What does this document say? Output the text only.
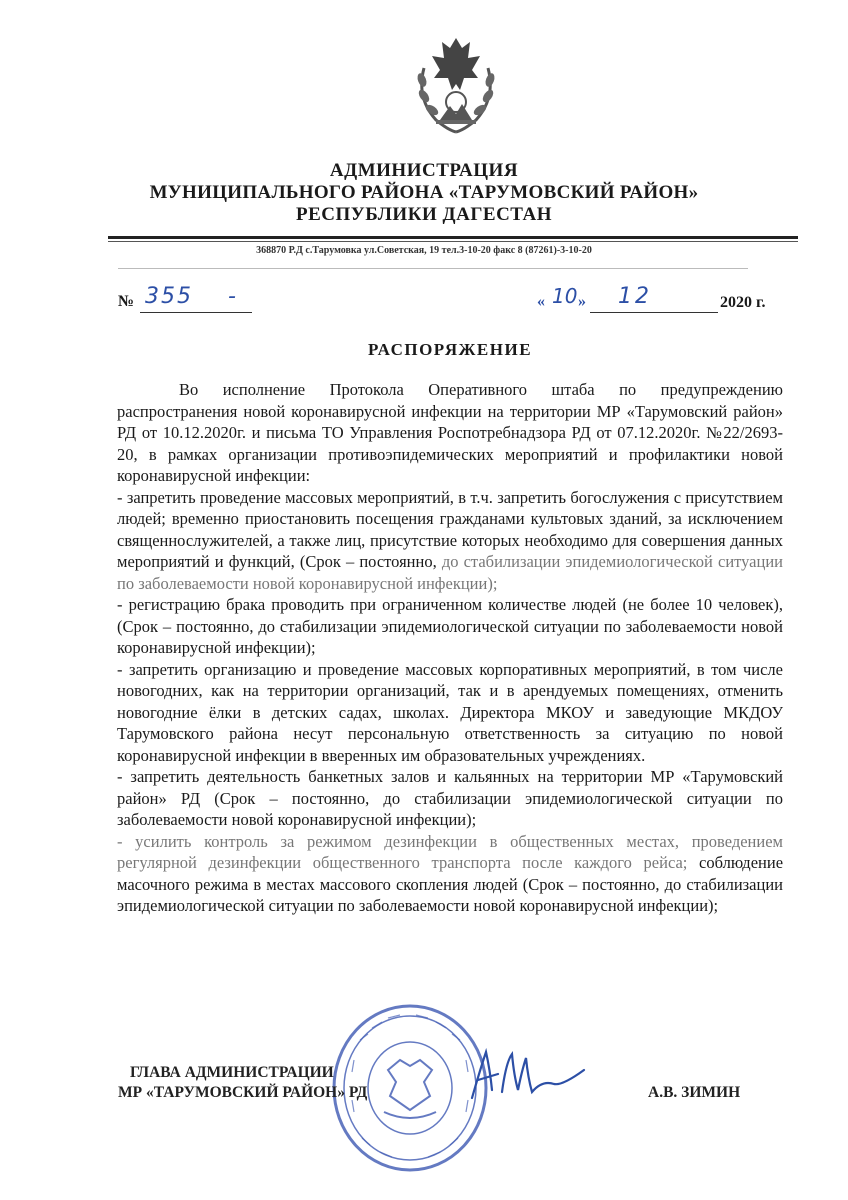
АДМИНИСТРАЦИЯ
МУНИЦИПАЛЬНОГО РАЙОНА «ТАРУМОВСКИЙ РАЙОН»
РЕСПУБЛИКИ ДАГЕСТАН
368870 Р.Д с.Тарумовка ул.Советская, 19 тел.3-10-20 факс 8 (87261)-3-10-20
№ 355 -	« 10 » 12	2020 г.
РАСПОРЯЖЕНИЕ

Во исполнение Протокола Оперативного штаба по предупреждению распространения новой коронавирусной инфекции на территории МР «Тарумовский район» РД от 10.12.2020г. и письма ТО Управления Роспотребнадзора РД от 07.12.2020г. №22/2693-20, в рамках организации противоэпидемических мероприятий и профилактики новой коронавирусной инфекции:

- запретить проведение массовых мероприятий, в т.ч. запретить богослужения с присутствием людей; временно приостановить посещения гражданами культовых зданий, за исключением священнослужителей, а также лиц, присутствие которых необходимо для совершения данных мероприятий и функций, (Срок – постоянно, до стабилизации эпидемиологической ситуации по заболеваемости новой коронавирусной инфекции);

- регистрацию брака проводить при ограниченном количестве людей (не более 10 человек), (Срок – постоянно, до стабилизации эпидемиологической ситуации по заболеваемости новой коронавирусной инфекции);

- запретить организацию и проведение массовых корпоративных мероприятий, в том числе новогодних, как на территории организаций, так и в арендуемых помещениях, отменить новогодние ёлки в детских садах, школах. Директора МКОУ и заведующие МКДОУ Тарумовского района несут персональную ответственность за ситуацию по новой коронавирусной инфекции в вверенных им образовательных учреждениях.

- запретить деятельность банкетных залов и кальянных на территории МР «Тарумовский район» РД (Срок – постоянно, до стабилизации эпидемиологической ситуации по заболеваемости новой коронавирусной инфекции);

- усилить контроль за режимом дезинфекции в общественных местах, проведением регулярной дезинфекции общественного транспорта после каждого рейса; соблюдение масочного режима в местах массового скопления людей (Срок – постоянно, до стабилизации эпидемиологической ситуации по заболеваемости новой коронавирусной инфекции);

ГЛАВА АДМИНИСТРАЦИИ
МР «ТАРУМОВСКИЙ РАЙОН» РД	А.В. ЗИМИН
